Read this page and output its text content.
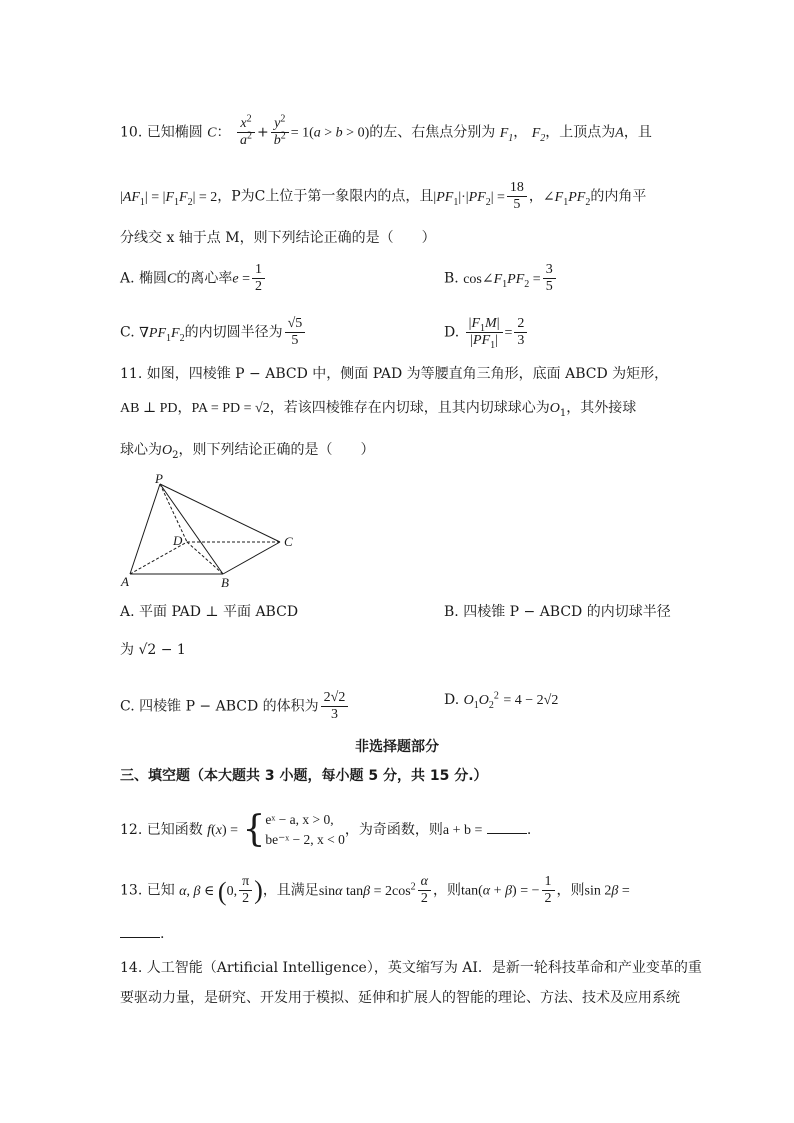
10. 已知椭圆 C： $\frac{x^2}{a^2} + \frac{y^2}{b^2} = 1(a > b > 0)$的左、右焦点分别为 $F_1$， $F_2$，上顶点为A，且
$|AF_1| = |F_1F_2| = 2$，P为C上位于第一象限内的点，且$|PF_1|\cdot|PF_2| = \frac{18}{5}$ ，$\angle F_1PF_2$的内角平
分线交 x 轴于点 M，则下列结论正确的是（　　）
A. 椭圆C的离心率$e = \frac{1}{2}$	B. $\cos\angle F_1PF_2 = \frac{3}{5}$
C. $\nabla PF_1F_2$的内切圆半径为 $\frac{√5}{5}$	D. $\frac{|F_1M|}{|PF_1|} = \frac{2}{3}$
11. 如图，四棱锥 P − ABCD 中，侧面 PAD 为等腰直角三角形，底面 ABCD 为矩形，
AB ⊥ PD，PA = PD = √2，若该四棱锥存在内切球，且其内切球球心为$O_1$，其外接球
球心为$O_2$，则下列结论正确的是（　　）
P
D	C
A	B
A. 平面 PAD ⊥ 平面 ABCD	B. 四棱锥 P − ABCD 的内切球半径
为 √2 − 1
C. 四棱锥 P − ABCD 的体积为 $\frac{2√2}{3}$	D. $O_1O_2^2 = 4 - 2√2$
非选择题部分
三、填空题（本大题共 3 小题，每小题 5 分，共 15 分.）
12. 已知函数 f(x) = { eˣ − a, x > 0,
be⁻ˣ − 2, x < 0
，为奇函数，则a + b =	.
13. 已知 α, β ∈ (0, $\frac{\pi}{2}$ )，且满足sinα $\tan\beta = 2\cos^2 \frac{\alpha}{2}$ ，则tan(α + β) = − $\frac{1}{2}$ ，则sin 2β =
.
14. 人工智能（Artificial Intelligence），英文缩写为 AI．是新一轮科技革命和产业变革的重
要驱动力量，是研究、开发用于模拟、延伸和扩展人的智能的理论、方法、技术及应用系统
